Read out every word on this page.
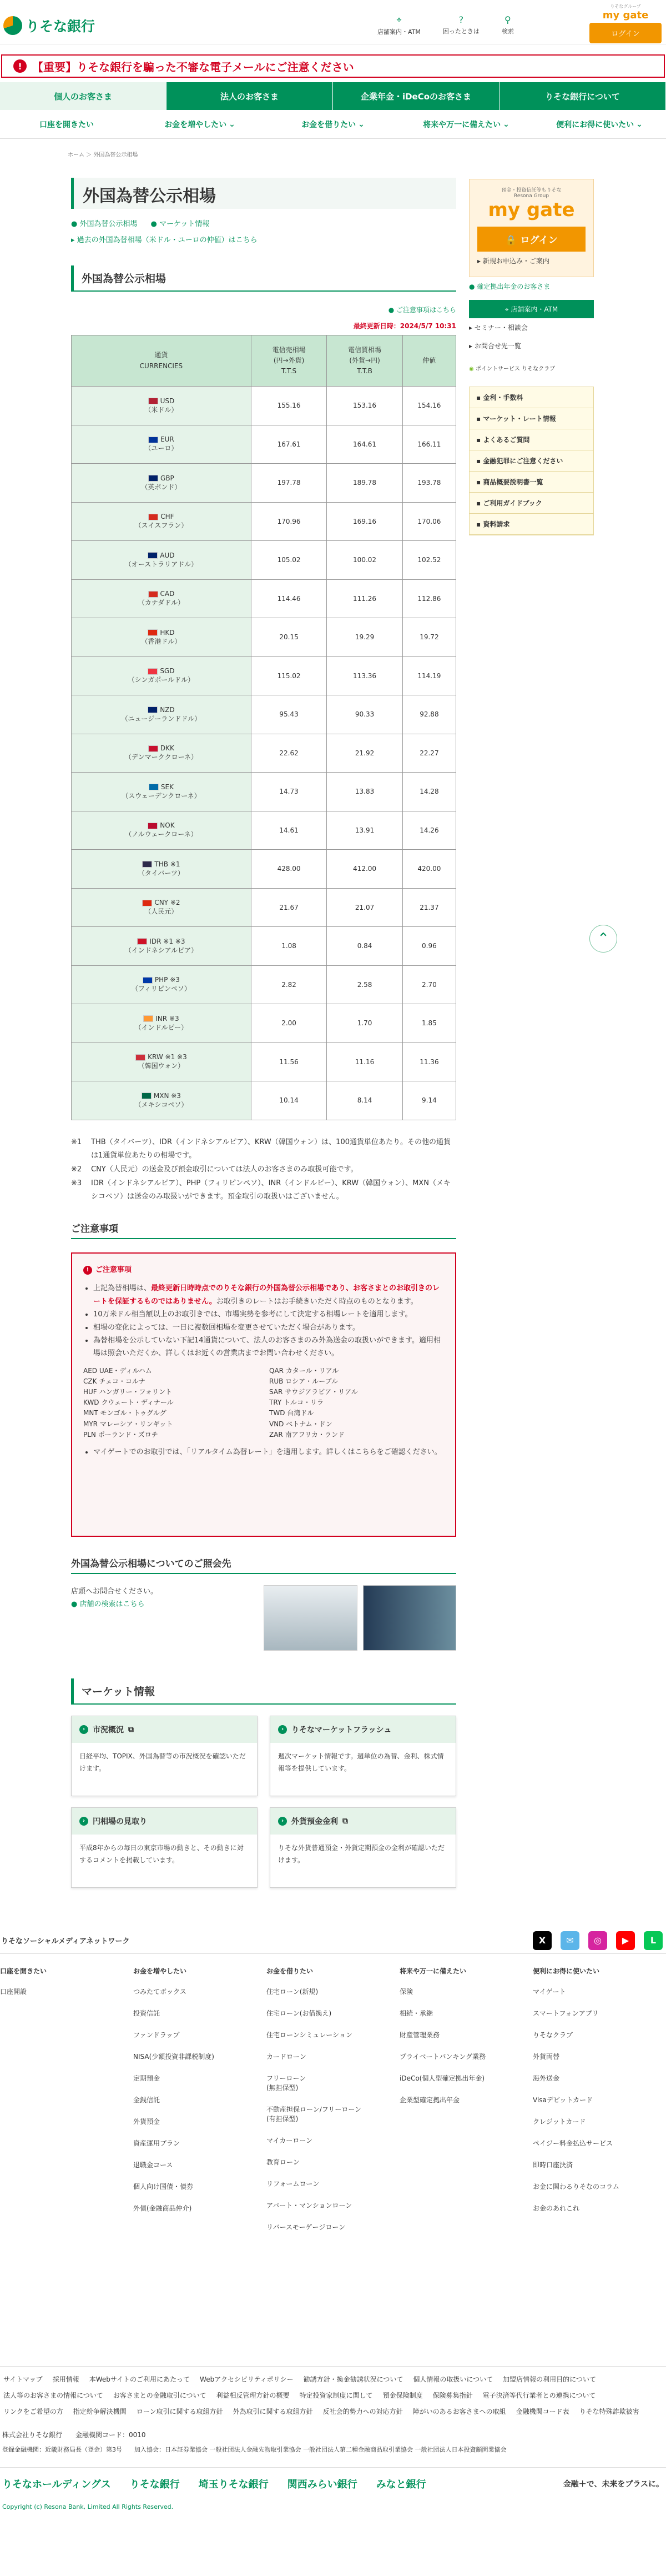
りそな銀行	⌖
店舗案内・ATM
?
困ったときは
⚲
検索
りそなグループ
my gate
ログイン
! 【重要】りそな銀行を騙った不審な電子メールにご注意ください
個人のお客さま	法人のお客さま	企業年金・iDeCoのお客さま	りそな銀行について
口座を開きたい	お金を増やしたい ⌄	お金を借りたい ⌄	将来や万一に備えたい ⌄	便利にお得に使いたい ⌄
ホーム ＞ 外国為替公示相場
外国為替公示相場
● 外国為替公示相場 ● マーケット情報
▸ 過去の外国為替相場（米ドル・ユーロの仲値）はこちら
外国為替公示相場
● ご注意事項はこちら
最終更新日時：2024/5/7 10:31
通貨
CURRENCIES	電信売相場
(円→外貨)
T.T.S	電信買相場
(外貨→円)
T.T.B	仲値
USD
（米ドル）	155.16	153.16	154.16
EUR
（ユーロ）	167.61	164.61	166.11
GBP
（英ポンド）	197.78	189.78	193.78
CHF
（スイスフラン）	170.96	169.16	170.06
AUD
（オーストラリアドル）	105.02	100.02	102.52
CAD
（カナダドル）	114.46	111.26	112.86
HKD
（香港ドル）	20.15	19.29	19.72
SGD
（シンガポールドル）	115.02	113.36	114.19
NZD
（ニュージーランドドル）	95.43	90.33	92.88
DKK
（デンマーククローネ）	22.62	21.92	22.27
SEK
（スウェーデンクローネ）	14.73	13.83	14.28
NOK
（ノルウェークローネ）	14.61	13.91	14.26
THB ※1
（タイバーツ）	428.00	412.00	420.00
CNY ※2
（人民元）	21.67	21.07	21.37
IDR ※1 ※3
（インドネシアルピア）	1.08	0.84	0.96
PHP ※3
（フィリピンペソ）	2.82	2.58	2.70
INR ※3
（インドルピー）	2.00	1.70	1.85
KRW ※1 ※3
（韓国ウォン）	11.56	11.16	11.36
MXN ※3
（メキシコペソ）	10.14	8.14	9.14
※1 THB（タイバーツ）、IDR（インドネシアルピア）、KRW（韓国ウォン）は、100通貨単位あたり。その他の通貨は1通貨単位あたりの相場です。
※2 CNY（人民元）の送金及び預金取引については法人のお客さまのみ取扱可能です。
※3 IDR（インドネシアルピア）、PHP（フィリピンペソ）、INR（インドルピー）、KRW（韓国ウォン）、MXN（メキシコペソ）は送金のみ取扱いができます。預金取引の取扱いはございません。
ご注意事項
! ご注意事項
• 上記為替相場は、最終更新日時時点でのりそな銀行の外国為替公示相場であり、お客さまとのお取引きのレートを保証するものではありません。お取引きのレートはお手続きいただく時点のものとなります。
• 10万米ドル相当額以上のお取引きでは、市場実勢を参考にして決定する相場レートを適用します。
• 相場の変化によっては、一日に複数回相場を変更させていただく場合があります。
• 為替相場を公示していない下記14通貨について、法人のお客さまのみ外為送金の取扱いができます。適用相場は照会いただくか、詳しくはお近くの営業店までお問い合わせください。
AED UAE・ディルハム	QAR カタール・リアル
CZK チェコ・コルナ	RUB ロシア・ルーブル
HUF ハンガリー・フォリント	SAR サウジアラビア・リアル
KWD クウェート・ディナール	TRY トルコ・リラ
MNT モンゴル・トゥグルグ	TWD 台湾ドル
MYR マレーシア・リンギット	VND ベトナム・ドン
PLN ポーランド・ズロチ	ZAR 南アフリカ・ランド
• マイゲートでのお取引では、「リアルタイム為替レート」を適用します。詳しくはこちらをご確認ください。
外国為替公示相場についてのご照会先
店頭へお問合せください。
● 店舗の検索はこちら
マーケット情報
› 市況概況 ⧉
日経平均、TOPIX、外国為替等の市況概況を確認いただけます。
› りそなマーケットフラッシュ
週次マーケット情報です。週単位の為替、金利、株式情報等を提供しています。
› 円相場の見取り
平成8年からの毎日の東京市場の動きと、その動きに対するコメントを掲載しています。
› 外貨預金金利 ⧉
りそな外貨普通預金・外貨定期預金の金利が確認いただけます。
預金・投資信託等もりそな
Resona Group
my gate
🔒 ログイン
▸ 新規お申込み・ご案内
● 確定拠出年金のお客さま
⌖ 店舗案内・ATM
▸ セミナー・相談会
▸ お問合せ先一覧
◉ ポイントサービス りそなクラブ
▪ 金利・手数料
▪ マーケット・レート情報
▪ よくあるご質問
▪ 金融犯罪にご注意ください
▪ 商品概要説明書一覧
▪ ご利用ガイドブック
▪ 資料請求
⌃
りそなソーシャルメディアネットワーク	X	✉	◎	▶	L
口座を開きたい
口座開設
お金を増やしたい
つみたてボックス
投資信託
ファンドラップ
NISA(少額投資非課税制度)
定期預金
金銭信託
外貨預金
資産運用プラン
退職金コース
個人向け国債・債券
外債(金融商品仲介)
お金を借りたい
住宅ローン(新規)
住宅ローン(お借換え)
住宅ローンシミュレーション
カードローン
フリーローン
(無担保型)
不動産担保ローン/フリーローン
(有担保型)
マイカーローン
教育ローン
リフォームローン
アパート・マンションローン
リバースモーゲージローン
将来や万一に備えたい
保険
相続・承継
財産管理業務
プライベートバンキング業務
iDeCo(個人型確定拠出年金)
企業型確定拠出年金
便利にお得に使いたい
マイゲート
スマートフォンアプリ
りそなクラブ
外貨両替
海外送金
Visaデビットカード
クレジットカード
ペイジー料金払込サービス
即時口座決済
お金に関わるりそなのコラム
お金のあれこれ
サイトマップ 採用情報 本Webサイトのご利用にあたって Webアクセシビリティポリシー 勧誘方針・換金勧誘状況について 個人情報の取扱いについて 加盟店情報の利用目的について
法人等のお客さまの情報について お客さまとの金融取引について 利益相反管理方針の概要 特定投資家制度に関して 預金保険制度 保険募集指針 電子決済等代行業者との連携について
リンクをご希望の方 指定紛争解決機関 ローン取引に関する取組方針 外為取引に関する取組方針 反社会的勢力への対応方針 障がいのあるお客さまへの取組 金融機関コード表 りそな特殊詐欺被害
株式会社りそな銀行　　 金融機関コード：0010
登録金融機関：近畿財務局長（登金）第3号　　加入協会：日本証券業協会 一般社団法人金融先物取引業協会 一般社団法人第二種金融商品取引業協会 一般社団法人日本投資顧問業協会
りそなホールディングス りそな銀行 埼玉りそな銀行 関西みらい銀行 みなと銀行	金融＋で、未来をプラスに。
Copyright (c) Resona Bank, Limited All Rights Reserved.
